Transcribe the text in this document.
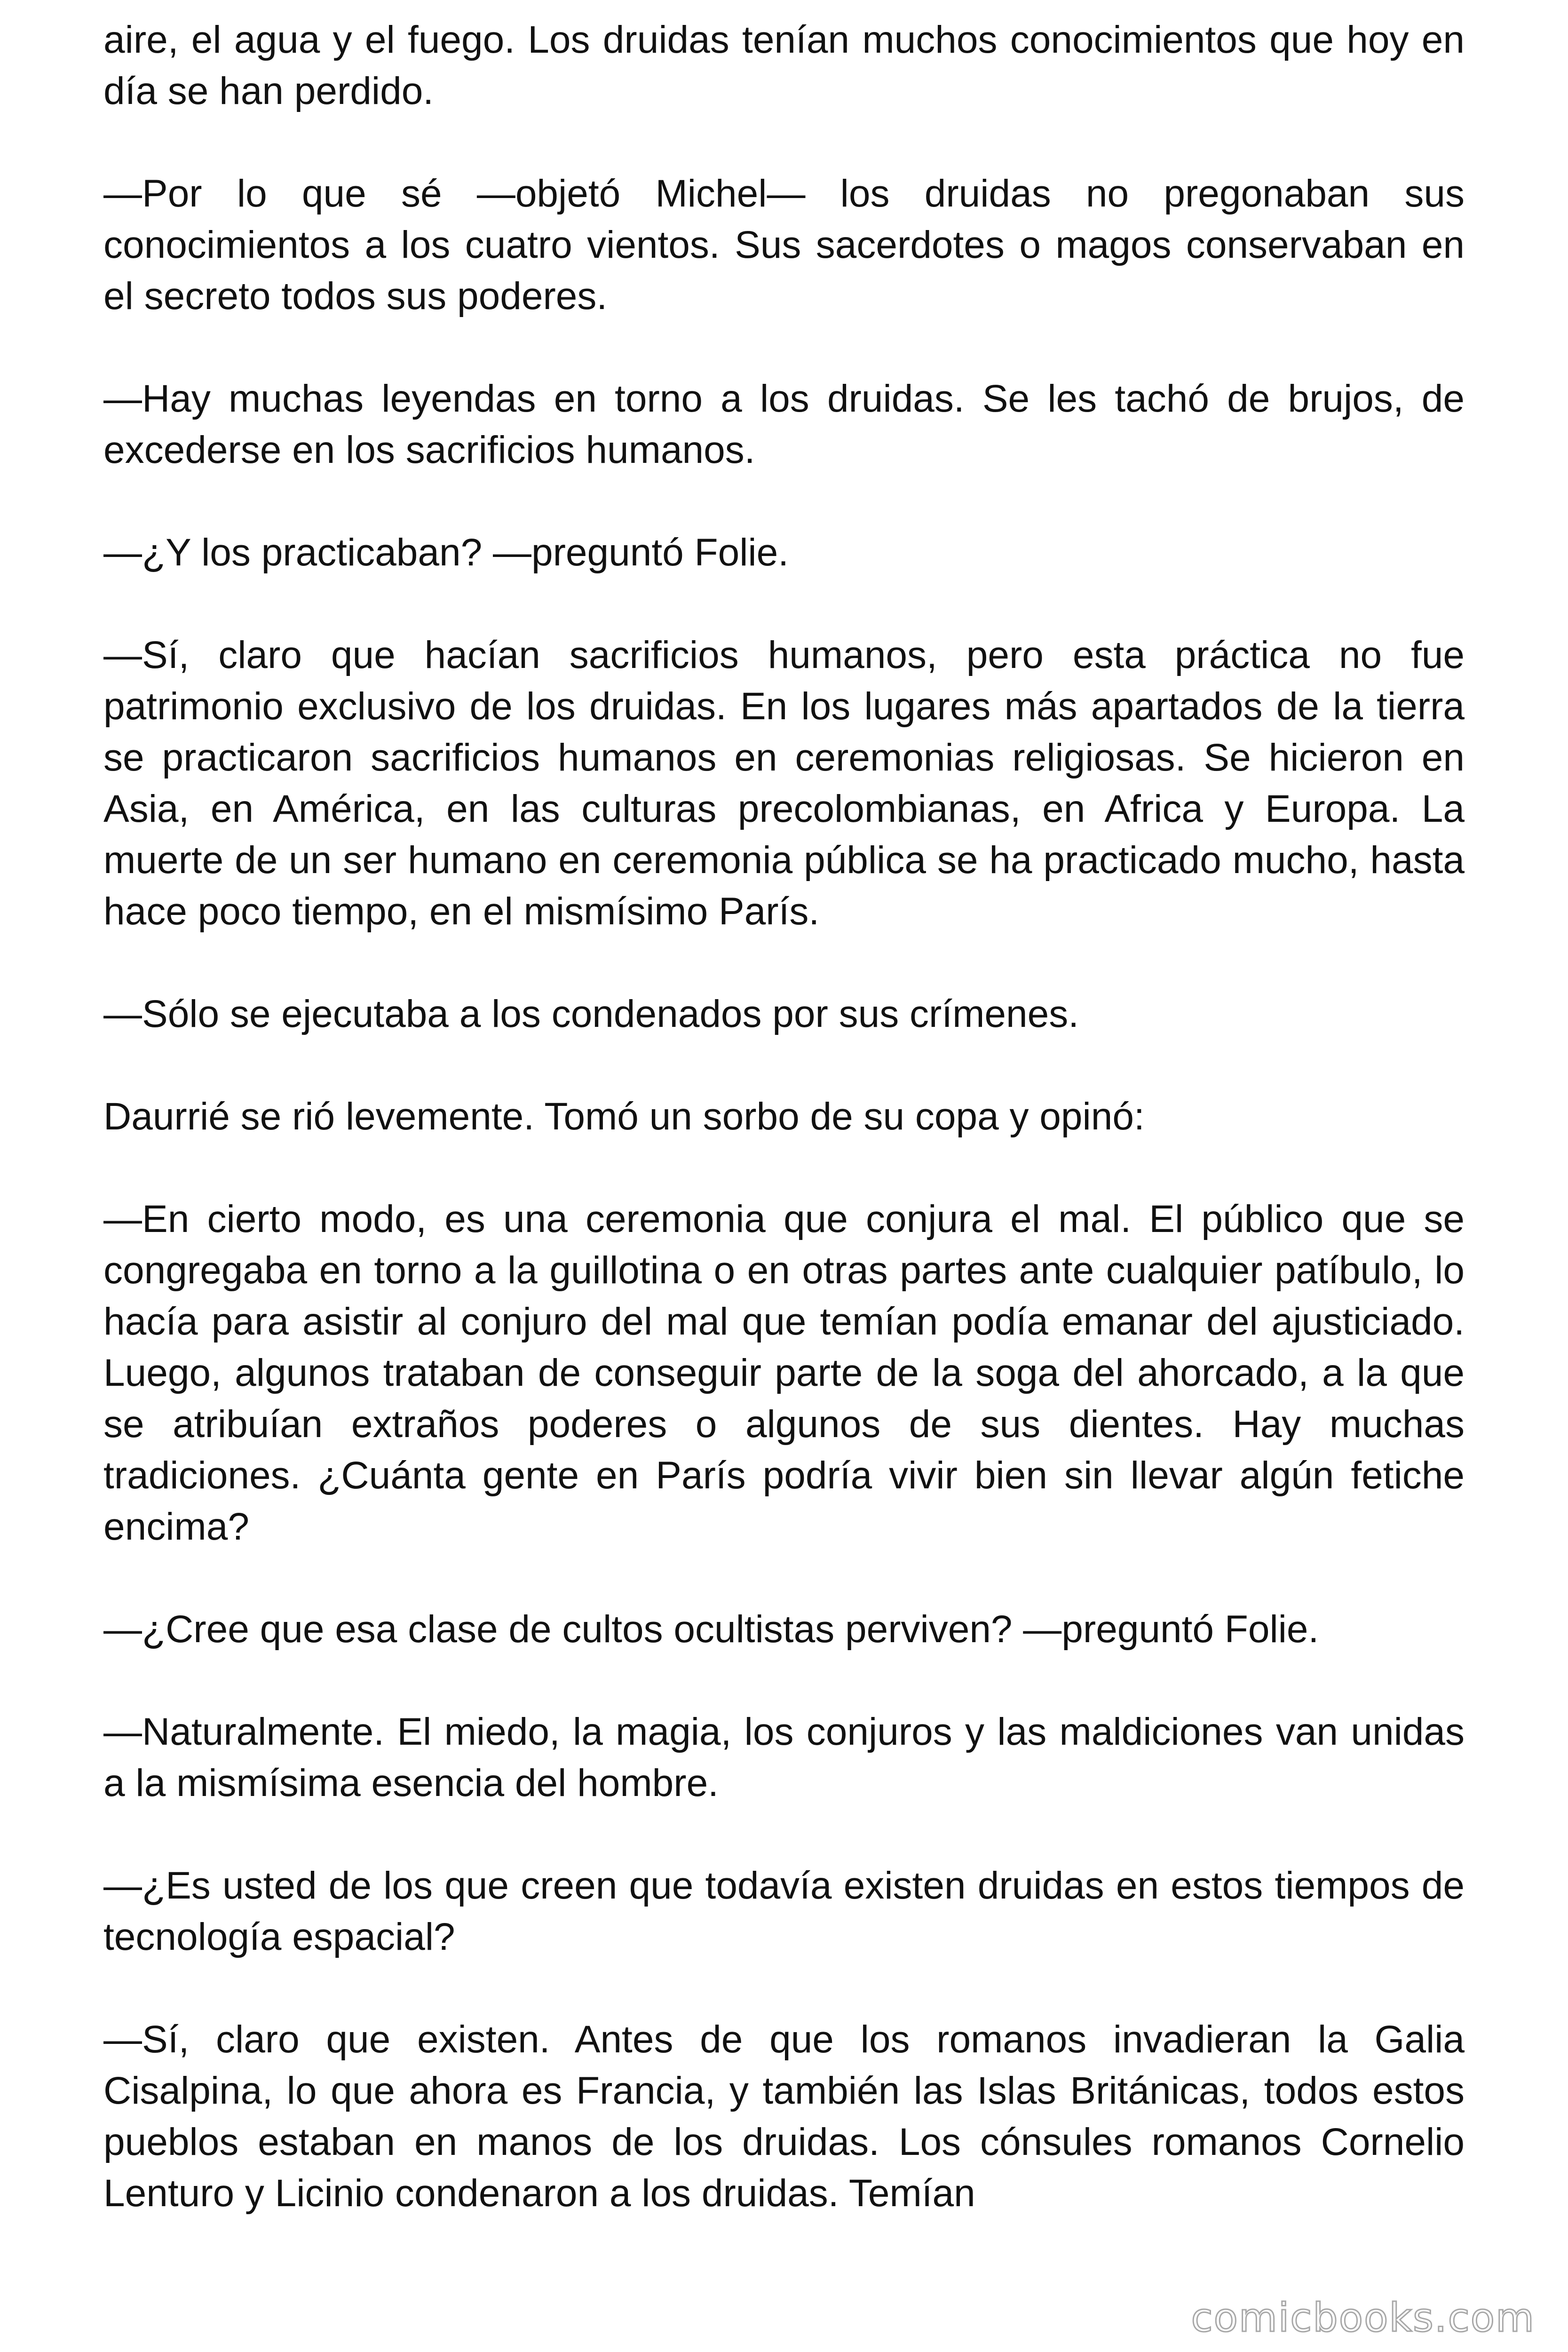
aire, el agua y el fuego. Los druidas tenían muchos conocimientos que hoy en día se han perdido.

—Por lo que sé —objetó Michel— los druidas no pregonaban sus conocimientos a los cuatro vientos. Sus sacerdotes o magos conservaban en el secreto todos sus poderes.

—Hay muchas leyendas en torno a los druidas. Se les tachó de brujos, de excederse en los sacrificios humanos.

—¿Y los practicaban? —preguntó Folie.

—Sí, claro que hacían sacrificios humanos, pero esta práctica no fue patrimonio exclusivo de los druidas. En los lugares más apartados de la tierra se practicaron sacrificios humanos en ceremonias religiosas. Se hicieron en Asia, en América, en las culturas precolombianas, en Africa y Europa. La muerte de un ser humano en ceremonia pública se ha practicado mucho, hasta hace poco tiempo, en el mismísimo París.

—Sólo se ejecutaba a los condenados por sus crímenes.

Daurrié se rió levemente. Tomó un sorbo de su copa y opinó:

—En cierto modo, es una ceremonia que conjura el mal. El público que se congregaba en torno a la guillotina o en otras partes ante cualquier patíbulo, lo hacía para asistir al conjuro del mal que temían podía emanar del ajusticiado. Luego, algunos trataban de conseguir parte de la soga del ahorcado, a la que se atribuían extraños poderes o algunos de sus dientes. Hay muchas tradiciones. ¿Cuánta gente en París podría vivir bien sin llevar algún fetiche encima?

—¿Cree que esa clase de cultos ocultistas perviven? —preguntó Folie.

—Naturalmente. El miedo, la magia, los conjuros y las maldiciones van unidas a la mismísima esencia del hombre.

—¿Es usted de los que creen que todavía existen druidas en estos tiempos de tecnología espacial?

—Sí, claro que existen. Antes de que los romanos invadieran la Galia Cisalpina, lo que ahora es Francia, y también las Islas Británicas, todos estos pueblos estaban en manos de los druidas. Los cónsules romanos Cornelio Lenturo y Licinio condenaron a los druidas. Temían

comicbooks.com
